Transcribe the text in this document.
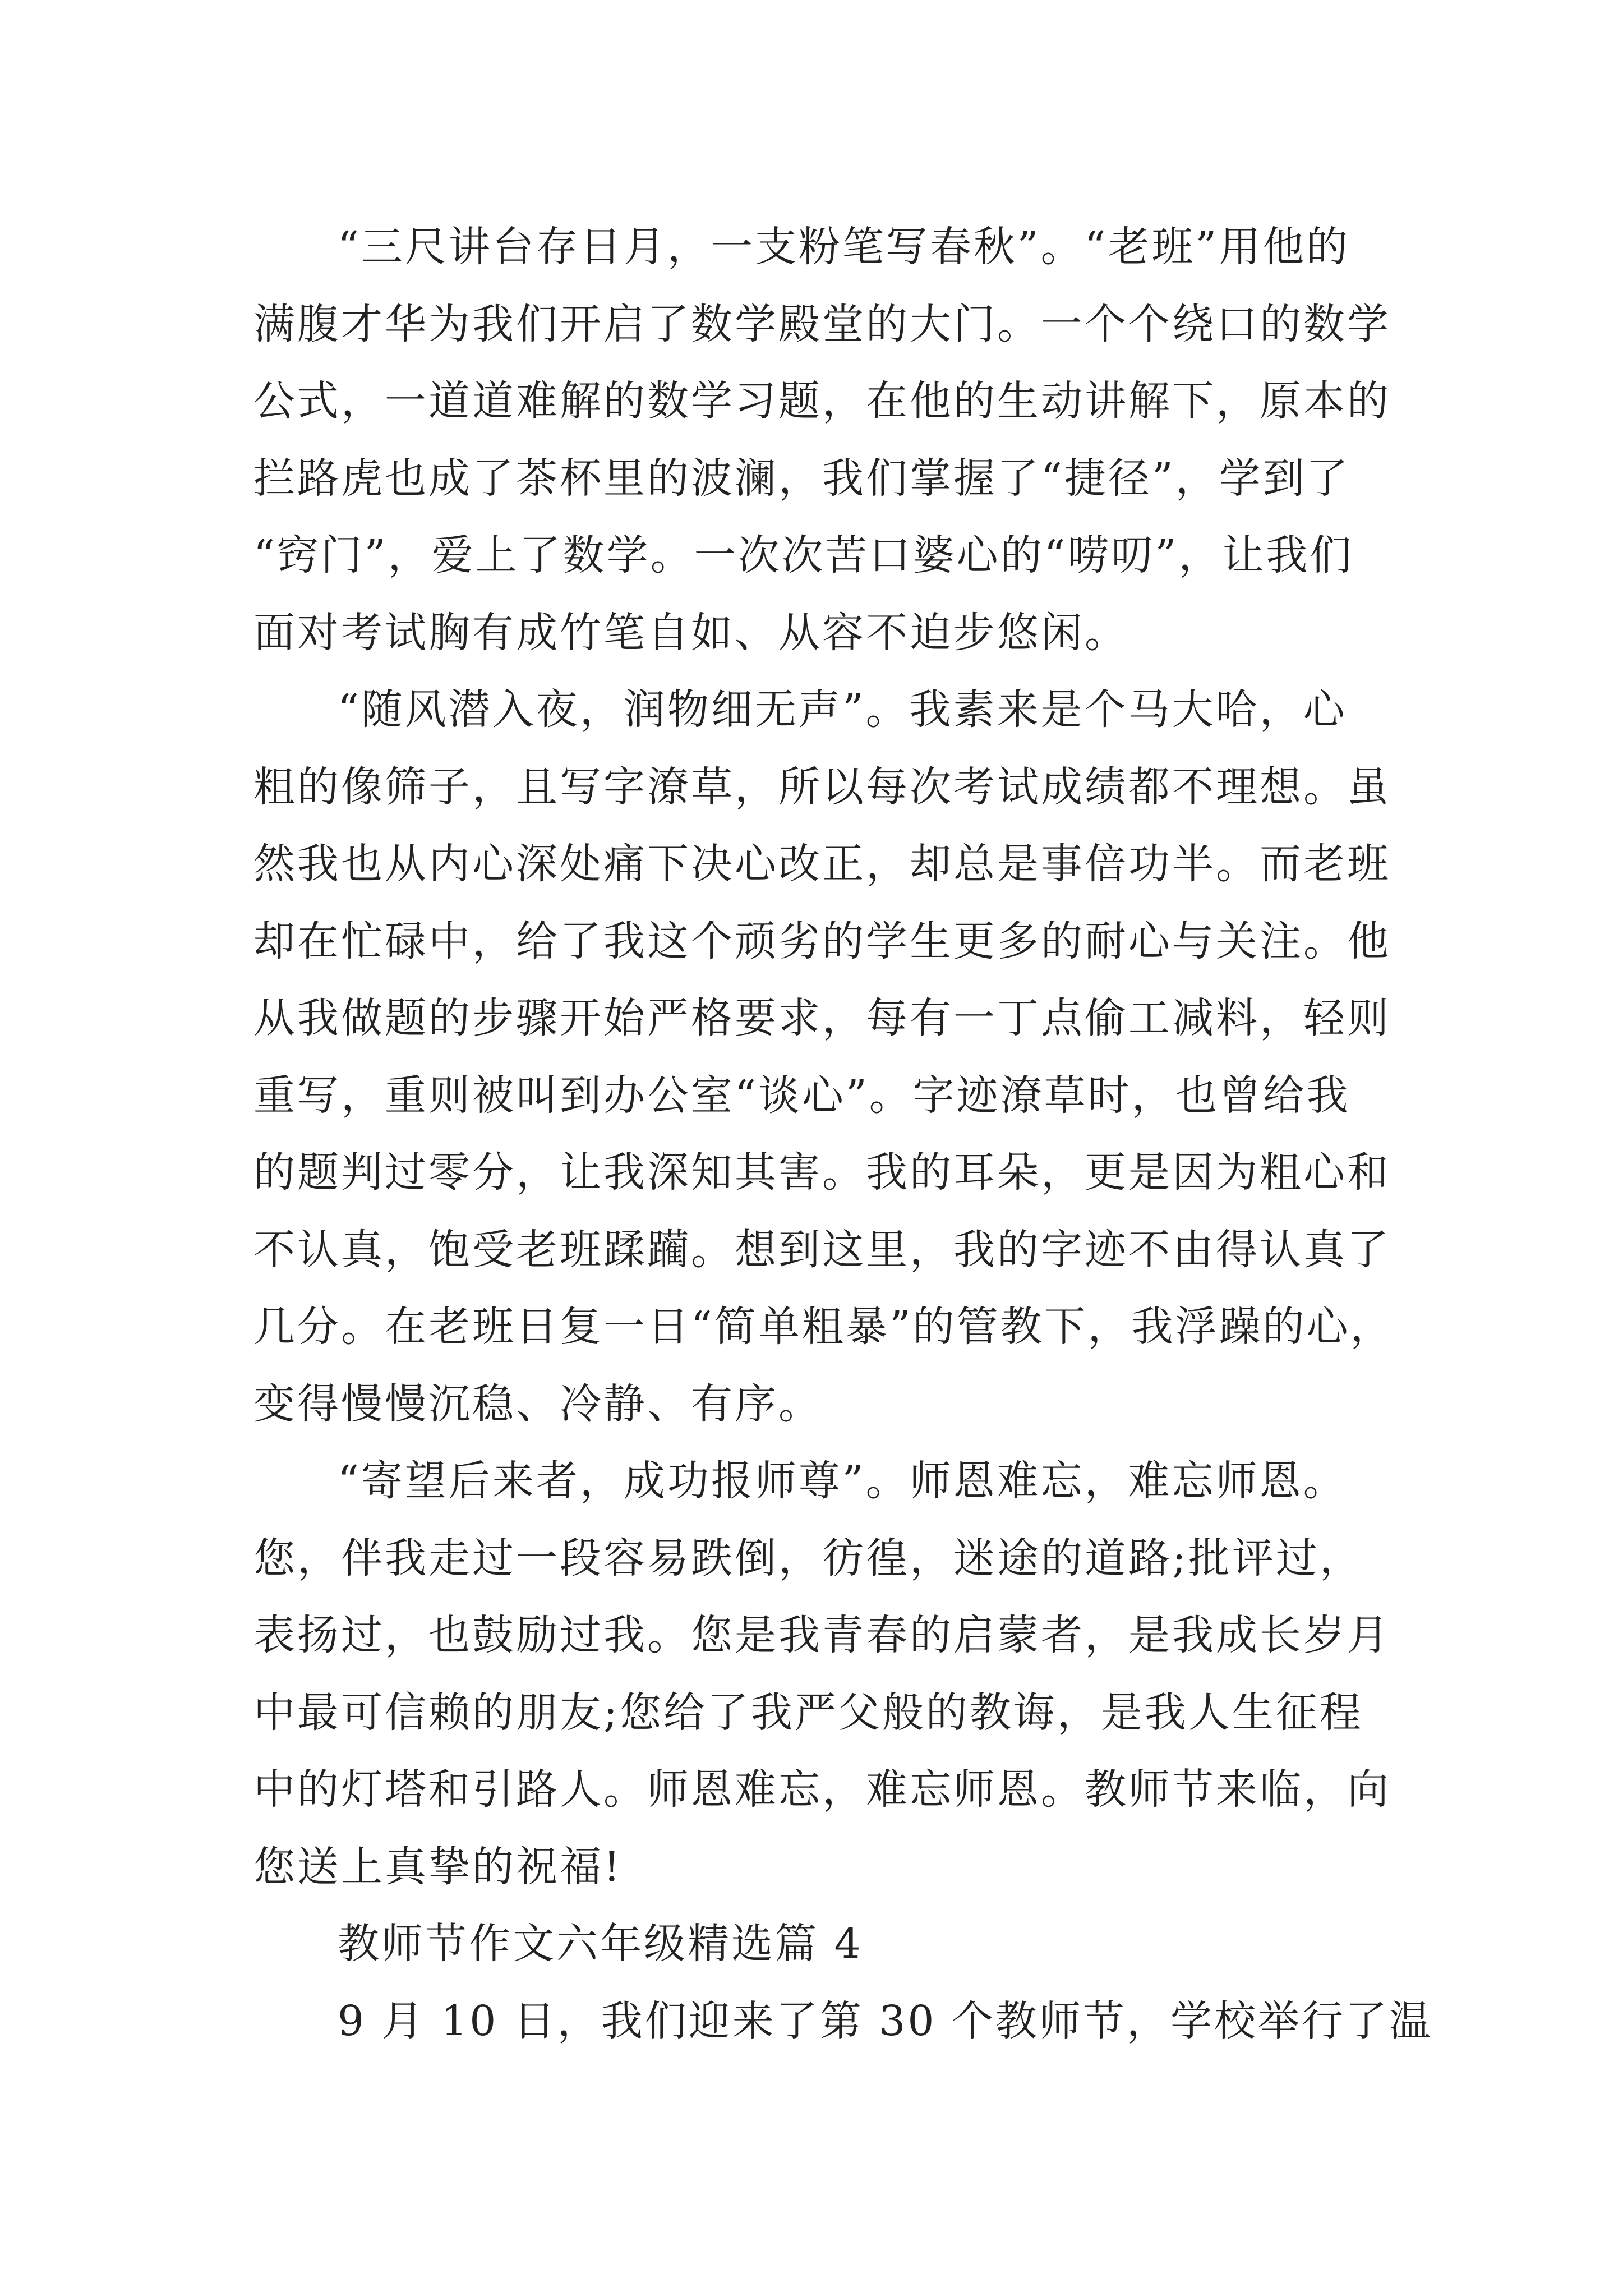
“三尺讲台存日月，一支粉笔写春秋”。“老班”用他的
满腹才华为我们开启了数学殿堂的大门。一个个绕口的数学
公式，一道道难解的数学习题，在他的生动讲解下，原本的
拦路虎也成了茶杯里的波澜，我们掌握了“捷径”，学到了
“窍门”，爱上了数学。一次次苦口婆心的“唠叨”，让我们
面对考试胸有成竹笔自如、从容不迫步悠闲。
“随风潜入夜，润物细无声”。我素来是个马大哈，心
粗的像筛子，且写字潦草，所以每次考试成绩都不理想。虽
然我也从内心深处痛下决心改正，却总是事倍功半。而老班
却在忙碌中，给了我这个顽劣的学生更多的耐心与关注。他
从我做题的步骤开始严格要求，每有一丁点偷工减料，轻则
重写，重则被叫到办公室“谈心”。字迹潦草时，也曾给我
的题判过零分，让我深知其害。我的耳朵，更是因为粗心和
不认真，饱受老班蹂躏。想到这里，我的字迹不由得认真了
几分。在老班日复一日“简单粗暴”的管教下，我浮躁的心，
变得慢慢沉稳、冷静、有序。
“寄望后来者，成功报师尊”。师恩难忘，难忘师恩。
您，伴我走过一段容易跌倒，彷徨，迷途的道路;批评过，
表扬过，也鼓励过我。您是我青春的启蒙者，是我成长岁月
中最可信赖的朋友;您给了我严父般的教诲，是我人生征程
中的灯塔和引路人。师恩难忘，难忘师恩。教师节来临，向
您送上真挚的祝福!
教师节作文六年级精选篇 4
9 月 10 日，我们迎来了第 30 个教师节，学校举行了温
